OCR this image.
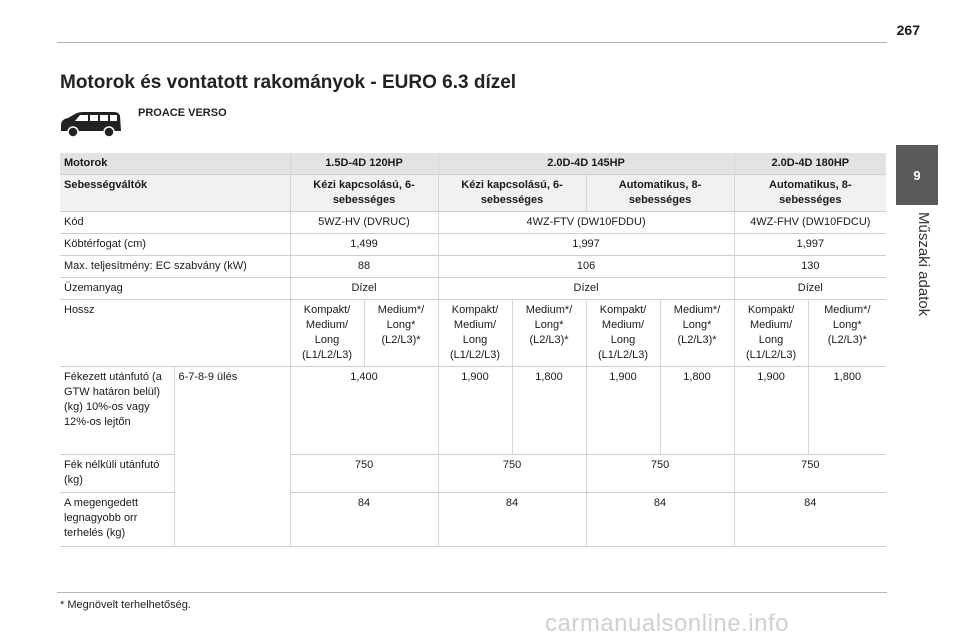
267
9
Műszaki adatok
Motorok és vontatott rakományok - EURO 6.3 dízel
PROACE VERSO
Motorok		1.5D-4D 120HP		2.0D-4D 145HP				2.0D-4D 180HP	
Sebességváltók		Kézi kapcsolású, 6-sebességes		Kézi kapcsolású, 6-sebességes		Automatikus, 8-sebességes		Automatikus, 8-sebességes	
Kód		5WZ-HV (DVRUC)		4WZ-FTV (DW10FDDU)				4WZ-FHV (DW10FDCU)	
Köbtérfogat (cm)		1,499		1,997				1,997	
Max. teljesítmény: EC szabvány (kW)		88		106				130	
Üzemanyag		Dízel		Dízel				Dízel	
Hossz		Kompakt/ Medium/ Long (L1/L2/L3)	Medium*/ Long* (L2/L3)*	Kompakt/ Medium/ Long (L1/L2/L3)	Medium*/ Long* (L2/L3)*	Kompakt/ Medium/ Long (L1/L2/L3)	Medium*/ Long* (L2/L3)*	Kompakt/ Medium/ Long (L1/L2/L3)	Medium*/ Long* (L2/L3)*
Fékezett utánfutó (a GTW határon belül) (kg) 10%-os vagy 12%-os lejtőn	6-7-8-9 ülés	1,400		1,900	1,800	1,900	1,800	1,900	1,800
Fék nélküli utánfutó (kg)		750		750		750		750	
A megengedett legnagyobb orr terhelés (kg)		84		84		84		84	
* Megnövelt terhelhetőség.
carmanualsonline.info
